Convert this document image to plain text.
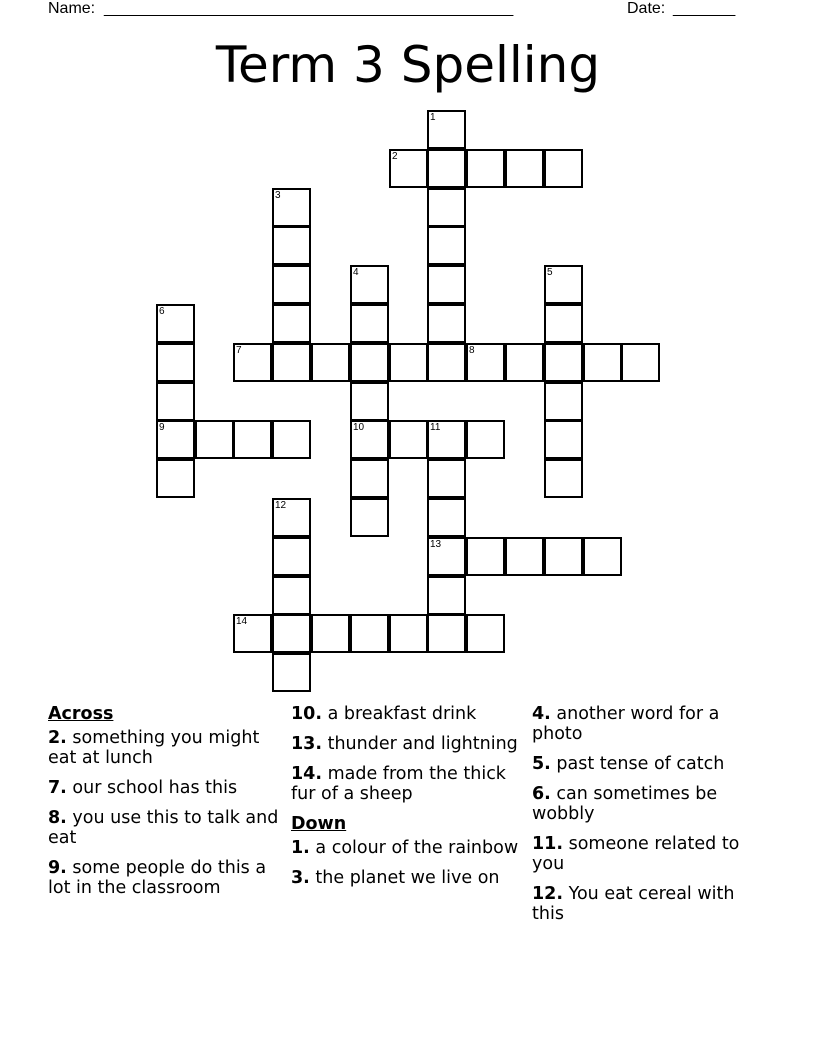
Name: ______________________________________________	Date: _______
Term 3 Spelling
1
2
3
4	5
6
7	8
9	10	11
12
13
14
Across
2. something you might eat at lunch
7. our school has this
8. you use this to talk and eat
9. some people do this a lot in the classroom
10. a breakfast drink
13. thunder and lightning
14. made from the thick fur of a sheep
Down
1. a colour of the rainbow
3. the planet we live on
4. another word for a photo
5. past tense of catch
6. can sometimes be wobbly
11. someone related to you
12. You eat cereal with this
